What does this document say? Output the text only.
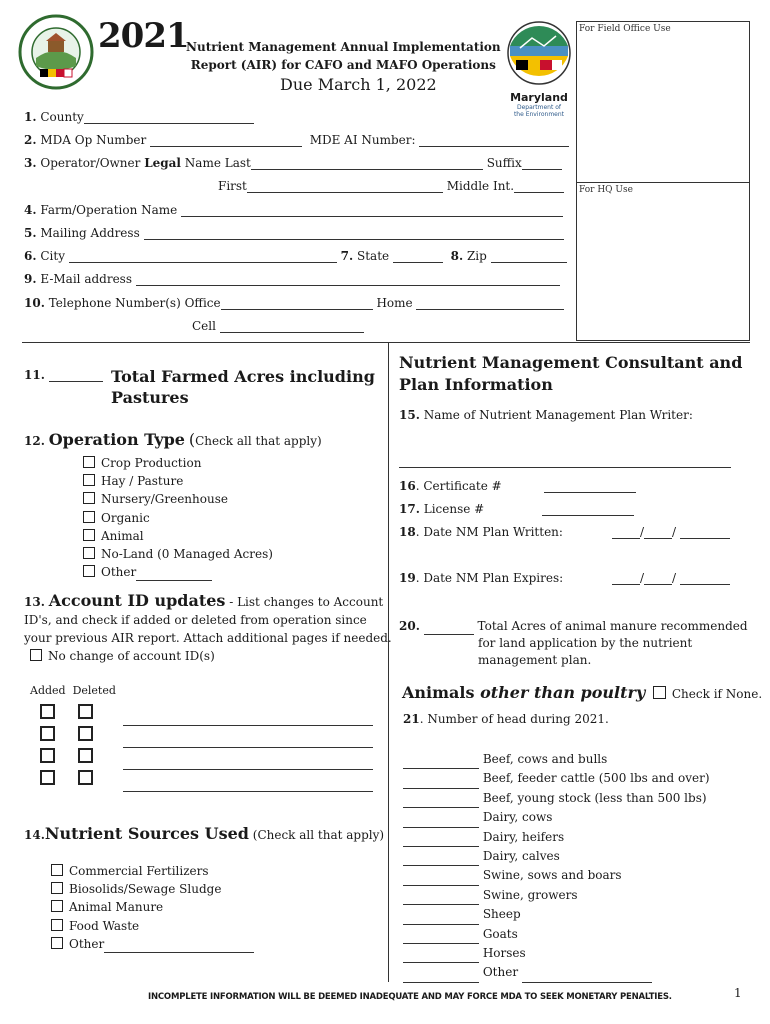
2021
Nutrient Management Annual Implementation
Report (AIR) for CAFO and MAFO Operations
Due March 1, 2022
Maryland
Department of
the Environment
For Field Office Use
For HQ Use
1. County
2. MDA Op Number	MDE AI Number:
3. Operator/Owner Legal Name Last	Suffix
First	Middle Int.
4. Farm/Operation Name
5. Mailing Address
6. City	7. State	8. Zip
9. E-Mail address
10. Telephone Number(s) Office	Home
Cell
11.	Total Farmed Acres including
Pastures
12. Operation Type (Check all that apply)
Crop Production
Hay / Pasture
Nursery/Greenhouse
Organic
Animal
No-Land (0 Managed Acres)
Other
13. Account ID updates - List changes to Account
ID's, and check if added or deleted from operation since
your previous AIR report. Attach additional pages if needed.
No change of account ID(s)
Added Deleted

14.Nutrient Sources Used (Check all that apply)
Commercial Fertilizers
Biosolids/Sewage Sludge
Animal Manure
Food Waste
Other
Nutrient Management Consultant and
Plan Information
15. Name of Nutrient Management Plan Writer:
16. Certificate #
17. License #
18. Date NM Plan Written:	/ /
19. Date NM Plan Expires:	/ /
20.	Total Acres of animal manure recommended
for land application by the nutrient
management plan.
Animals other than poultry Check if None.
21. Number of head during 2021.
Beef, cows and bulls
Beef, feeder cattle (500 lbs and over)
Beef, young stock (less than 500 lbs)
Dairy, cows
Dairy, heifers
Dairy, calves
Swine, sows and boars
Swine, growers
Sheep
Goats
Horses
Other
INCOMPLETE INFORMATION WILL BE DEEMED INADEQUATE AND MAY FORCE MDA TO SEEK MONETARY PENALTIES.	1
